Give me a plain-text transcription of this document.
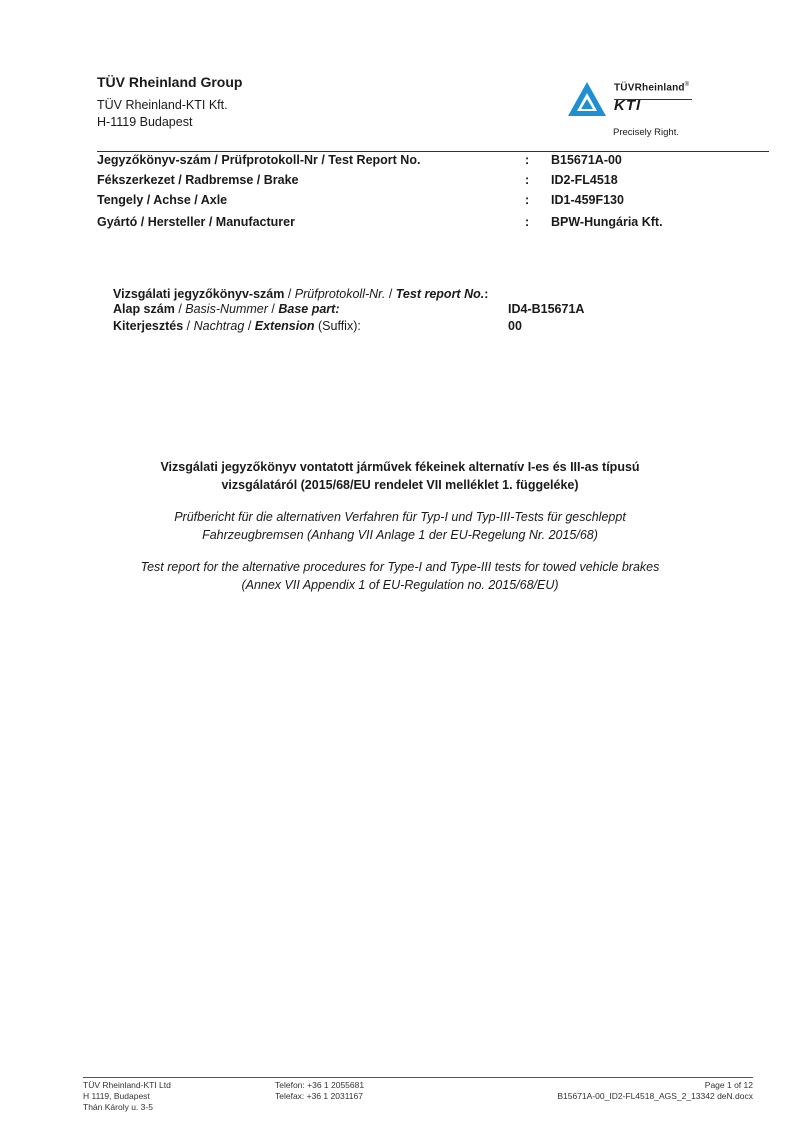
TÜV Rheinland Group
TÜV Rheinland-KTI Kft.
H-1119 Budapest
TÜVRheinland®
KTI
Precisely Right.
Jegyzőkönyv-szám / Prüfprotokoll-Nr / Test Report No.	: B15671A-00
Fékszerkezet / Radbremse / Brake	: ID2-FL4518
Tengely / Achse / Axle	: ID1-459F130
Gyártó / Hersteller / Manufacturer	: BPW-Hungária Kft.
Vizsgálati jegyzőkönyv-szám / Prüfprotokoll-Nr. / Test report No.:
Alap szám / Basis-Nummer / Base part:	ID4-B15671A
Kiterjesztés / Nachtrag / Extension (Suffix):	00
Vizsgálati jegyzőkönyv vontatott járművek fékeinek alternatív I-es és III-as típusú
vizsgálatáról (2015/68/EU rendelet VII melléklet 1. függeléke)
Prüfbericht für die alternativen Verfahren für Typ-I und Typ-III-Tests für geschleppt
Fahrzeugbremsen (Anhang VII Anlage 1 der EU-Regelung Nr. 2015/68)
Test report for the alternative procedures for Type-I and Type-III tests for towed vehicle brakes
(Annex VII Appendix 1 of EU-Regulation no. 2015/68/EU)
TÜV Rheinland-KTI Ltd
H 1119, Budapest
Thán Károly u. 3-5
Telefon: +36 1 2055681
Telefax: +36 1 2031167
Page 1 of 12
B15671A-00_ID2-FL4518_AGS_2_13342 deN.docx
